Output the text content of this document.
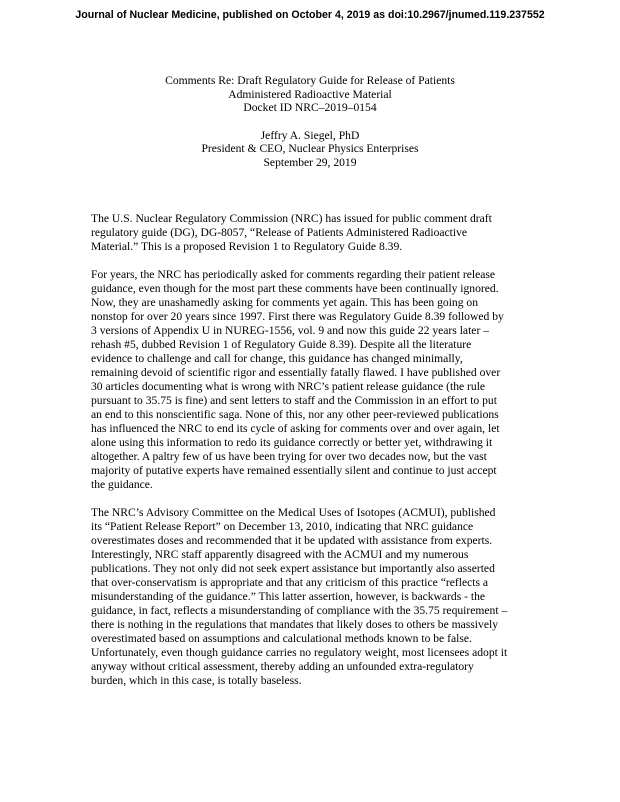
Journal of Nuclear Medicine, published on October 4, 2019 as doi:10.2967/jnumed.119.237552
Comments Re: Draft Regulatory Guide for Release of Patients
Administered Radioactive Material
Docket ID NRC–2019–0154
Jeffry A. Siegel, PhD
President & CEO, Nuclear Physics Enterprises
September 29, 2019

The U.S. Nuclear Regulatory Commission (NRC) has issued for public comment draft
regulatory guide (DG), DG-8057, “Release of Patients Administered Radioactive
Material.” This is a proposed Revision 1 to Regulatory Guide 8.39.

For years, the NRC has periodically asked for comments regarding their patient release
guidance, even though for the most part these comments have been continually ignored.
Now, they are unashamedly asking for comments yet again. This has been going on
nonstop for over 20 years since 1997. First there was Regulatory Guide 8.39 followed by
3 versions of Appendix U in NUREG-1556, vol. 9 and now this guide 22 years later –
rehash #5, dubbed Revision 1 of Regulatory Guide 8.39). Despite all the literature
evidence to challenge and call for change, this guidance has changed minimally,
remaining devoid of scientific rigor and essentially fatally flawed. I have published over
30 articles documenting what is wrong with NRC’s patient release guidance (the rule
pursuant to 35.75 is fine) and sent letters to staff and the Commission in an effort to put
an end to this nonscientific saga. None of this, nor any other peer-reviewed publications
has influenced the NRC to end its cycle of asking for comments over and over again, let
alone using this information to redo its guidance correctly or better yet, withdrawing it
altogether. A paltry few of us have been trying for over two decades now, but the vast
majority of putative experts have remained essentially silent and continue to just accept
the guidance.

The NRC’s Advisory Committee on the Medical Uses of Isotopes (ACMUI), published
its “Patient Release Report” on December 13, 2010, indicating that NRC guidance
overestimates doses and recommended that it be updated with assistance from experts.
Interestingly, NRC staff apparently disagreed with the ACMUI and my numerous
publications. They not only did not seek expert assistance but importantly also asserted
that over-conservatism is appropriate and that any criticism of this practice “reflects a
misunderstanding of the guidance.” This latter assertion, however, is backwards - the
guidance, in fact, reflects a misunderstanding of compliance with the 35.75 requirement –
there is nothing in the regulations that mandates that likely doses to others be massively
overestimated based on assumptions and calculational methods known to be false.
Unfortunately, even though guidance carries no regulatory weight, most licensees adopt it
anyway without critical assessment, thereby adding an unfounded extra-regulatory
burden, which in this case, is totally baseless.
